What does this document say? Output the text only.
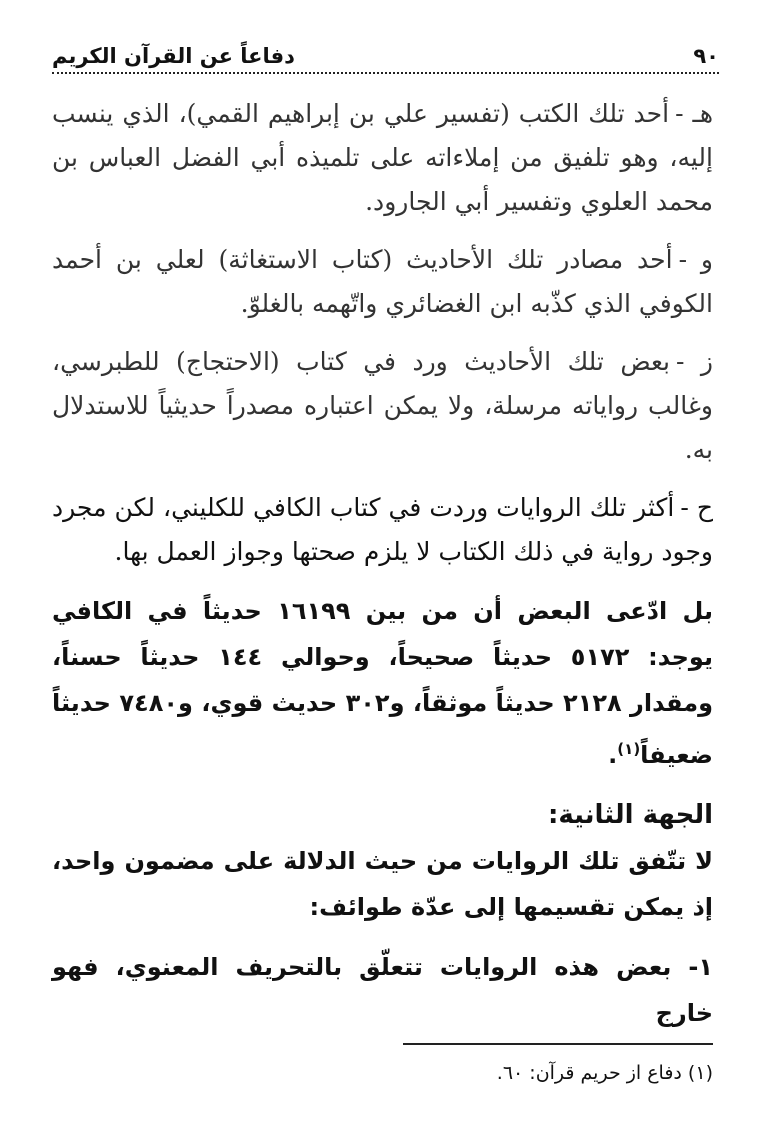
٩٠
دفاعاً عن القرآن الكريم

هـ -أحد تلك الكتب (تفسير علي بن إبراهيم القمي)، الذي ينسب إليه، وهو تلفيق من إملاءاته على تلميذه أبي الفضل العباس بن محمد العلوي وتفسير أبي الجارود.

و -أحد مصادر تلك الأحاديث (كتاب الاستغاثة) لعلي بن أحمد الكوفي الذي كذّبه ابن الغضائري واتّهمه بالغلوّ.

ز -بعض تلك الأحاديث ورد في كتاب (الاحتجاج) للطبرسي، وغالب رواياته مرسلة، ولا يمكن اعتباره مصدراً حديثياً للاستدلال به.

ح -أكثر تلك الروايات وردت في كتاب الكافي للكليني، لكن مجرد وجود رواية في ذلك الكتاب لا يلزم صحتها وجواز العمل بها.

بل ادّعى البعض أن من بين ١٦١٩٩ حديثاً في الكافي يوجد: ٥١٧٢ حديثاً صحيحاً، وحوالي ١٤٤ حديثاً حسناً، ومقدار ٢١٢٨ حديثاً موثقاً، و٣٠٢ حديث قوي، و٧٤٨٠ حديثاً ضعيفاً$^{(١)}$.

الجهة الثانية:

لا تتّفق تلك الروايات من حيث الدلالة على مضمون واحد، إذ يمكن تقسيمها إلى عدّة طوائف:

١- بعض هذه الروايات تتعلّق بالتحريف المعنوي، فهو خارج

(١) دفاع از حريم قرآن: ٦٠.
